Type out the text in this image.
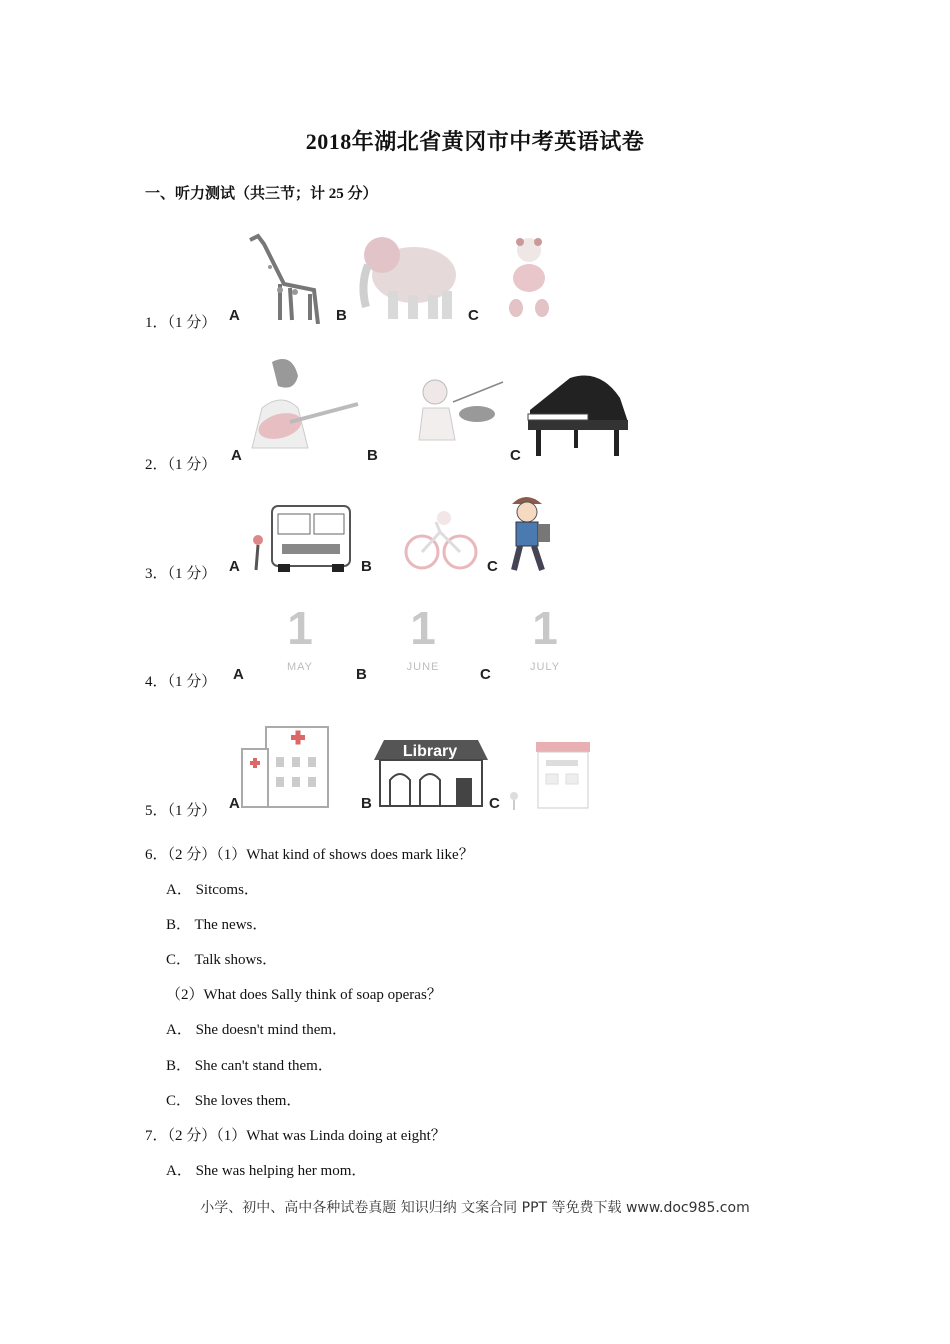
2018年湖北省黄冈市中考英语试卷
一、听力测试（共三节；计 25 分）
1．（1 分） A	B	C
2．（1 分）
A	B	C
3．（1 分） A	B	C
4．（1 分） A	B	C
1
MAY
1
JUNE
1
JULY
5．（1 分） A	B	C
Library
6．（2 分）（1）What kind of shows does mark like？
A． Sitcoms．
B． The news．
C． Talk shows．
（2）What does Sally think of soap operas？
A． She doesn't mind them．
B． She can't stand them．
C． She loves them．
7．（2 分）（1）What was Linda doing at eight？
A． She was helping her mom．
小学、初中、高中各种试卷真题 知识归纳 文案合同 PPT 等免费下载 www.doc985.com
